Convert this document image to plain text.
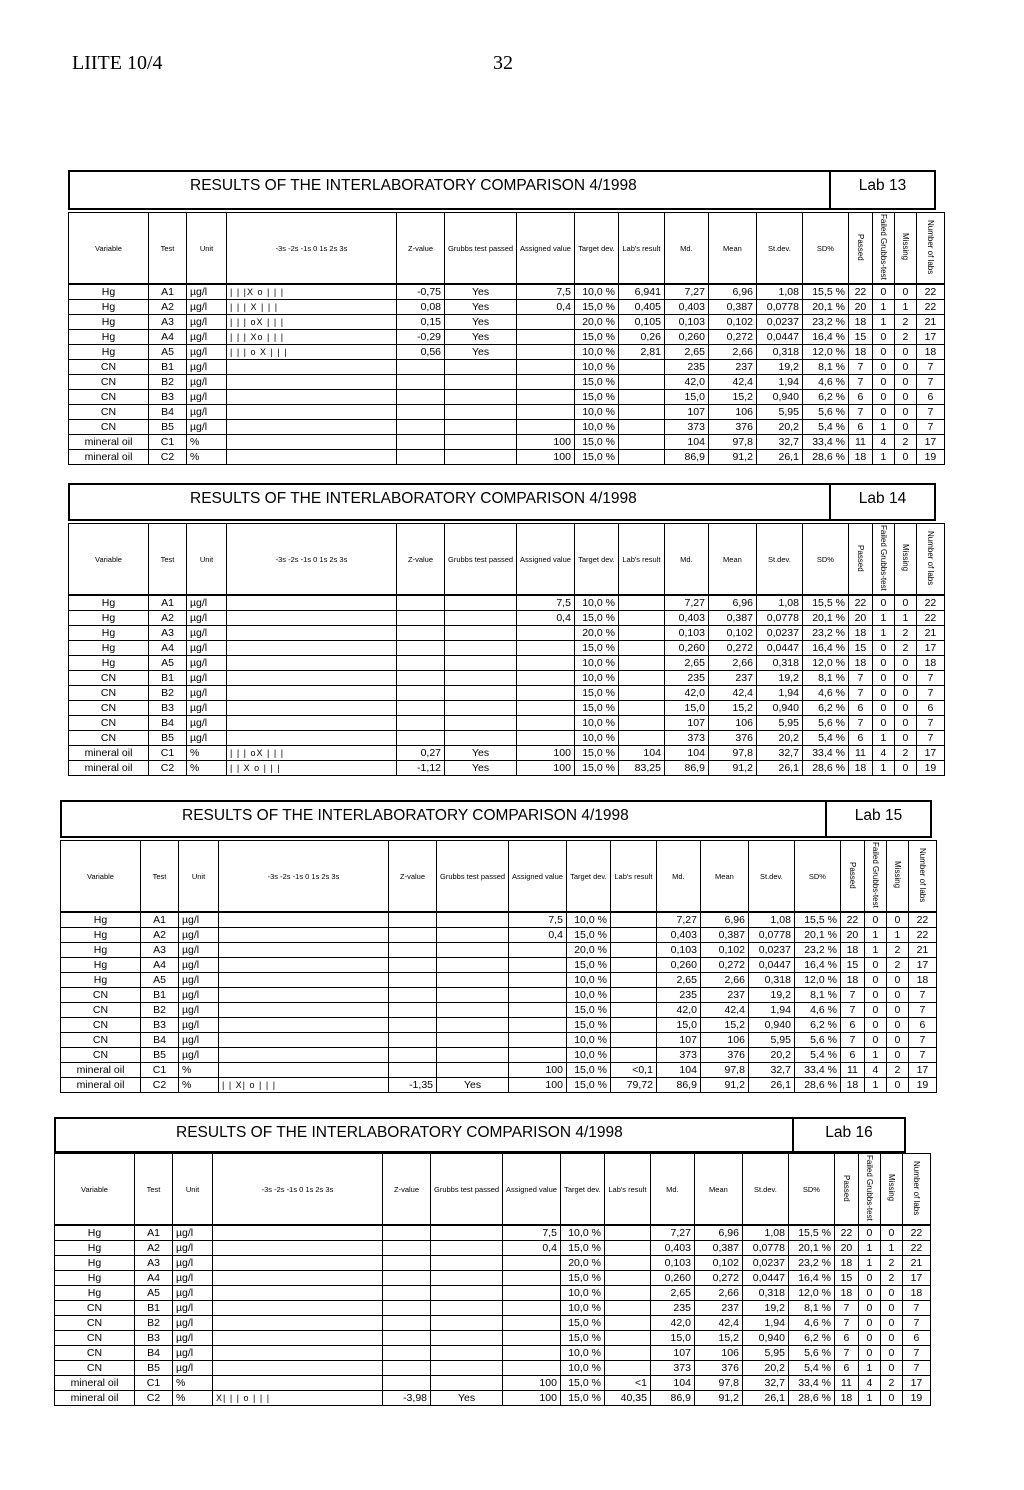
LIITE 10/4	32
RESULTS OF THE INTERLABORATORY COMPARISON 4/1998	Lab 13
Variable	Test	Unit	-3s -2s -1s 0 1s 2s 3s	Z-value	Grubbs test passed	Assigned value	Target dev.	Lab's result	Md.	Mean	St.dev.	SD%	Passed	Failed Grubbs-test	Missing	Number of labs
Hg	A1	µg/l	| | |X o | | |	-0,75	Yes	7,5	10,0 %	6,941	7,27	6,96	1,08	15,5 %	22	0	0	22
Hg	A2	µg/l	| | | X | | |	0,08	Yes	0,4	15,0 %	0,405	0,403	0,387	0,0778	20,1 %	20	1	1	22
Hg	A3	µg/l	| | | oX | | |	0,15	Yes		20,0 %	0,105	0,103	0,102	0,0237	23,2 %	18	1	2	21
Hg	A4	µg/l	| | | Xo | | |	-0,29	Yes		15,0 %	0,26	0,260	0,272	0,0447	16,4 %	15	0	2	17
Hg	A5	µg/l	| | | o X | | |	0,56	Yes		10,0 %	2,81	2,65	2,66	0,318	12,0 %	18	0	0	18
CN	B1	µg/l					10,0 %		235	237	19,2	8,1 %	7	0	0	7
CN	B2	µg/l					15,0 %		42,0	42,4	1,94	4,6 %	7	0	0	7
CN	B3	µg/l					15,0 %		15,0	15,2	0,940	6,2 %	6	0	0	6
CN	B4	µg/l					10,0 %		107	106	5,95	5,6 %	7	0	0	7
CN	B5	µg/l					10,0 %		373	376	20,2	5,4 %	6	1	0	7
mineral oil	C1	%				100	15,0 %		104	97,8	32,7	33,4 %	11	4	2	17
mineral oil	C2	%				100	15,0 %		86,9	91,2	26,1	28,6 %	18	1	0	19
RESULTS OF THE INTERLABORATORY COMPARISON 4/1998	Lab 14
Variable	Test	Unit	-3s -2s -1s 0 1s 2s 3s	Z-value	Grubbs test passed	Assigned value	Target dev.	Lab's result	Md.	Mean	St.dev.	SD%	Passed	Failed Grubbs-test	Missing	Number of labs
Hg	A1	µg/l				7,5	10,0 %		7,27	6,96	1,08	15,5 %	22	0	0	22
Hg	A2	µg/l				0,4	15,0 %		0,403	0,387	0,0778	20,1 %	20	1	1	22
Hg	A3	µg/l					20,0 %		0,103	0,102	0,0237	23,2 %	18	1	2	21
Hg	A4	µg/l					15,0 %		0,260	0,272	0,0447	16,4 %	15	0	2	17
Hg	A5	µg/l					10,0 %		2,65	2,66	0,318	12,0 %	18	0	0	18
CN	B1	µg/l					10,0 %		235	237	19,2	8,1 %	7	0	0	7
CN	B2	µg/l					15,0 %		42,0	42,4	1,94	4,6 %	7	0	0	7
CN	B3	µg/l					15,0 %		15,0	15,2	0,940	6,2 %	6	0	0	6
CN	B4	µg/l					10,0 %		107	106	5,95	5,6 %	7	0	0	7
CN	B5	µg/l					10,0 %		373	376	20,2	5,4 %	6	1	0	7
mineral oil	C1	%	| | | oX | | |	0,27	Yes	100	15,0 %	104	104	97,8	32,7	33,4 %	11	4	2	17
mineral oil	C2	%	| | X o | | |	-1,12	Yes	100	15,0 %	83,25	86,9	91,2	26,1	28,6 %	18	1	0	19
RESULTS OF THE INTERLABORATORY COMPARISON 4/1998	Lab 15
Variable	Test	Unit	-3s -2s -1s 0 1s 2s 3s	Z-value	Grubbs test passed	Assigned value	Target dev.	Lab's result	Md.	Mean	St.dev.	SD%	Passed	Failed Grubbs-test	Missing	Number of labs
Hg	A1	µg/l				7,5	10,0 %		7,27	6,96	1,08	15,5 %	22	0	0	22
Hg	A2	µg/l				0,4	15,0 %		0,403	0,387	0,0778	20,1 %	20	1	1	22
Hg	A3	µg/l					20,0 %		0,103	0,102	0,0237	23,2 %	18	1	2	21
Hg	A4	µg/l					15,0 %		0,260	0,272	0,0447	16,4 %	15	0	2	17
Hg	A5	µg/l					10,0 %		2,65	2,66	0,318	12,0 %	18	0	0	18
CN	B1	µg/l					10,0 %		235	237	19,2	8,1 %	7	0	0	7
CN	B2	µg/l					15,0 %		42,0	42,4	1,94	4,6 %	7	0	0	7
CN	B3	µg/l					15,0 %		15,0	15,2	0,940	6,2 %	6	0	0	6
CN	B4	µg/l					10,0 %		107	106	5,95	5,6 %	7	0	0	7
CN	B5	µg/l					10,0 %		373	376	20,2	5,4 %	6	1	0	7
mineral oil	C1	%				100	15,0 %	<0,1	104	97,8	32,7	33,4 %	11	4	2	17
mineral oil	C2	%	| | X| o | | |	-1,35	Yes	100	15,0 %	79,72	86,9	91,2	26,1	28,6 %	18	1	0	19
RESULTS OF THE INTERLABORATORY COMPARISON 4/1998	Lab 16
Variable	Test	Unit	-3s -2s -1s 0 1s 2s 3s	Z-value	Grubbs test passed	Assigned value	Target dev.	Lab's result	Md.	Mean	St.dev.	SD%	Passed	Failed Grubbs-test	Missing	Number of labs
Hg	A1	µg/l				7,5	10,0 %		7,27	6,96	1,08	15,5 %	22	0	0	22
Hg	A2	µg/l				0,4	15,0 %		0,403	0,387	0,0778	20,1 %	20	1	1	22
Hg	A3	µg/l					20,0 %		0,103	0,102	0,0237	23,2 %	18	1	2	21
Hg	A4	µg/l					15,0 %		0,260	0,272	0,0447	16,4 %	15	0	2	17
Hg	A5	µg/l					10,0 %		2,65	2,66	0,318	12,0 %	18	0	0	18
CN	B1	µg/l					10,0 %		235	237	19,2	8,1 %	7	0	0	7
CN	B2	µg/l					15,0 %		42,0	42,4	1,94	4,6 %	7	0	0	7
CN	B3	µg/l					15,0 %		15,0	15,2	0,940	6,2 %	6	0	0	6
CN	B4	µg/l					10,0 %		107	106	5,95	5,6 %	7	0	0	7
CN	B5	µg/l					10,0 %		373	376	20,2	5,4 %	6	1	0	7
mineral oil	C1	%				100	15,0 %	<1	104	97,8	32,7	33,4 %	11	4	2	17
mineral oil	C2	%	X| | | o | | |	-3,98	Yes	100	15,0 %	40,35	86,9	91,2	26,1	28,6 %	18	1	0	19
